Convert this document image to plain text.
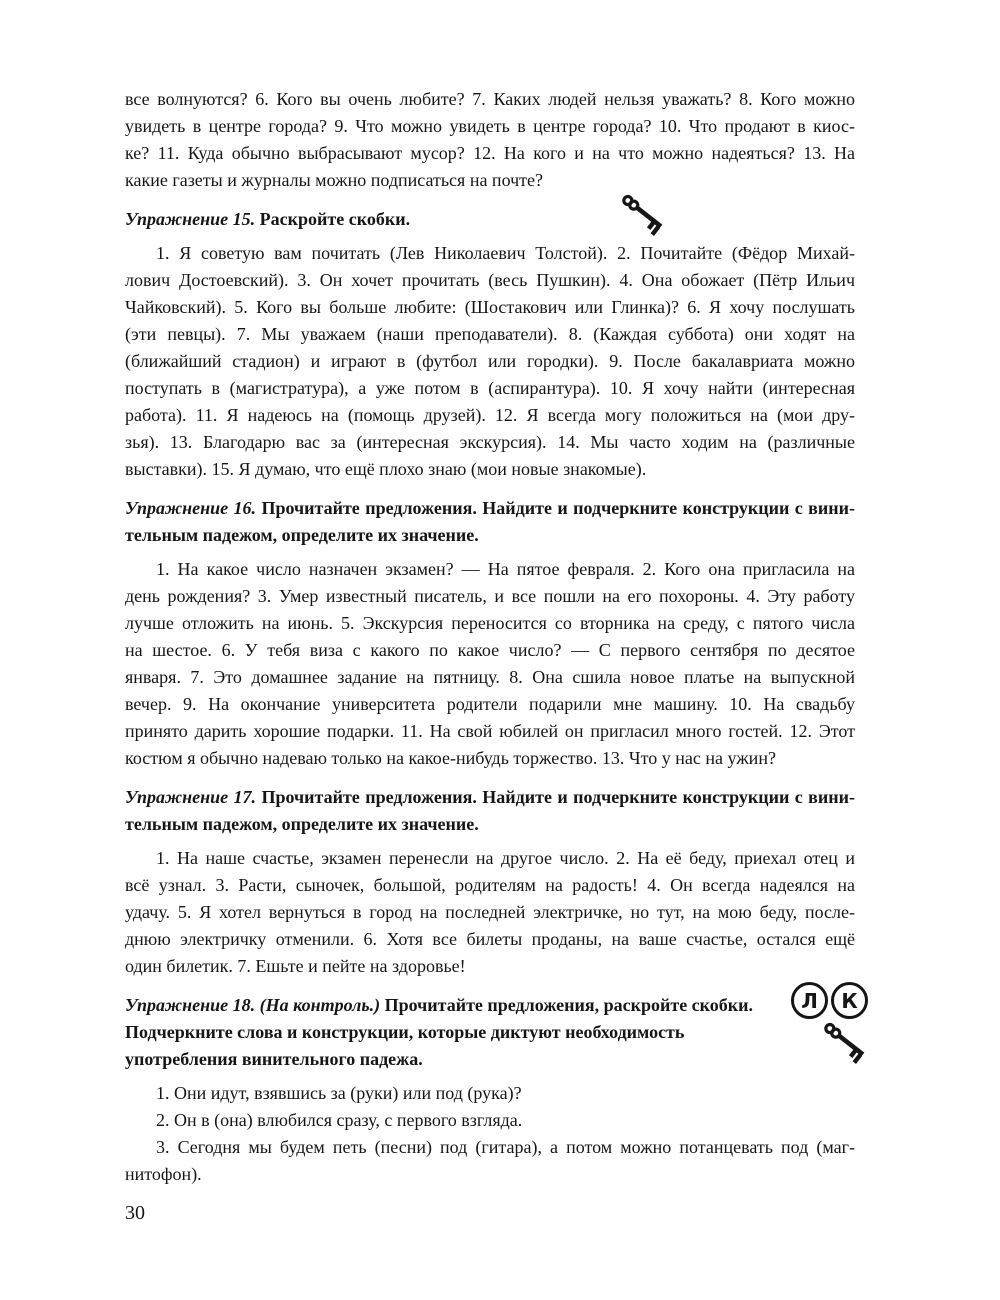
все волнуются? 6. Кого вы очень любите? 7. Каких людей нельзя уважать? 8. Кого можно
увидеть в центре города? 9. Что можно увидеть в центре города? 10. Что продают в киос-
ке? 11. Куда обычно выбрасывают мусор? 12. На кого и на что можно надеяться? 13. На
какие газеты и журналы можно подписаться на почте?
Упражнение 15. Раскройте скобки.
1. Я советую вам почитать (Лев Николаевич Толстой). 2. Почитайте (Фёдор Михай-
лович Достоевский). 3. Он хочет прочитать (весь Пушкин). 4. Она обожает (Пётр Ильич
Чайковский). 5. Кого вы больше любите: (Шостакович или Глинка)? 6. Я хочу послушать
(эти певцы). 7. Мы уважаем (наши преподаватели). 8. (Каждая суббота) они ходят на
(ближайший стадион) и играют в (футбол или городки). 9. После бакалавриата можно
поступать в (магистратура), а уже потом в (аспирантура). 10. Я хочу найти (интересная
работа). 11. Я надеюсь на (помощь друзей). 12. Я всегда могу положиться на (мои дру-
зья). 13. Благодарю вас за (интересная экскурсия). 14. Мы часто ходим на (различные
выставки). 15. Я думаю, что ещё плохо знаю (мои новые знакомые).
Упражнение 16. Прочитайте предложения. Найдите и подчеркните конструкции с вини-
тельным падежом, определите их значение.
1. На какое число назначен экзамен? — На пятое февраля. 2. Кого она пригласила на
день рождения? 3. Умер известный писатель, и все пошли на его похороны. 4. Эту работу
лучше отложить на июнь. 5. Экскурсия переносится со вторника на среду, с пятого числа
на шестое. 6. У тебя виза с какого по какое число? — С первого сентября по десятое
января. 7. Это домашнее задание на пятницу. 8. Она сшила новое платье на выпускной
вечер. 9. На окончание университета родители подарили мне машину. 10. На свадьбу
принято дарить хорошие подарки. 11. На свой юбилей он пригласил много гостей. 12. Этот
костюм я обычно надеваю только на какое-нибудь торжество. 13. Что у нас на ужин?
Упражнение 17. Прочитайте предложения. Найдите и подчеркните конструкции с вини-
тельным падежом, определите их значение.
1. На наше счастье, экзамен перенесли на другое число. 2. На её беду, приехал отец и
всё узнал. 3. Расти, сыночек, большой, родителям на радость! 4. Он всегда надеялся на
удачу. 5. Я хотел вернуться в город на последней электричке, но тут, на мою беду, после-
днюю электричку отменили. 6. Хотя все билеты проданы, на ваше счастье, остался ещё
один билетик. 7. Ешьте и пейте на здоровье!
Упражнение 18. (На контроль.) Прочитайте предложения, раскройте скобки.
Подчеркните слова и конструкции, которые диктуют необходимость
употребления винительного падежа.
Л	К
1. Они идут, взявшись за (руки) или под (рука)?
2. Он в (она) влюбился сразу, с первого взгляда.
3. Сегодня мы будем петь (песни) под (гитара), а потом можно потанцевать под (маг-
нитофон).
30
